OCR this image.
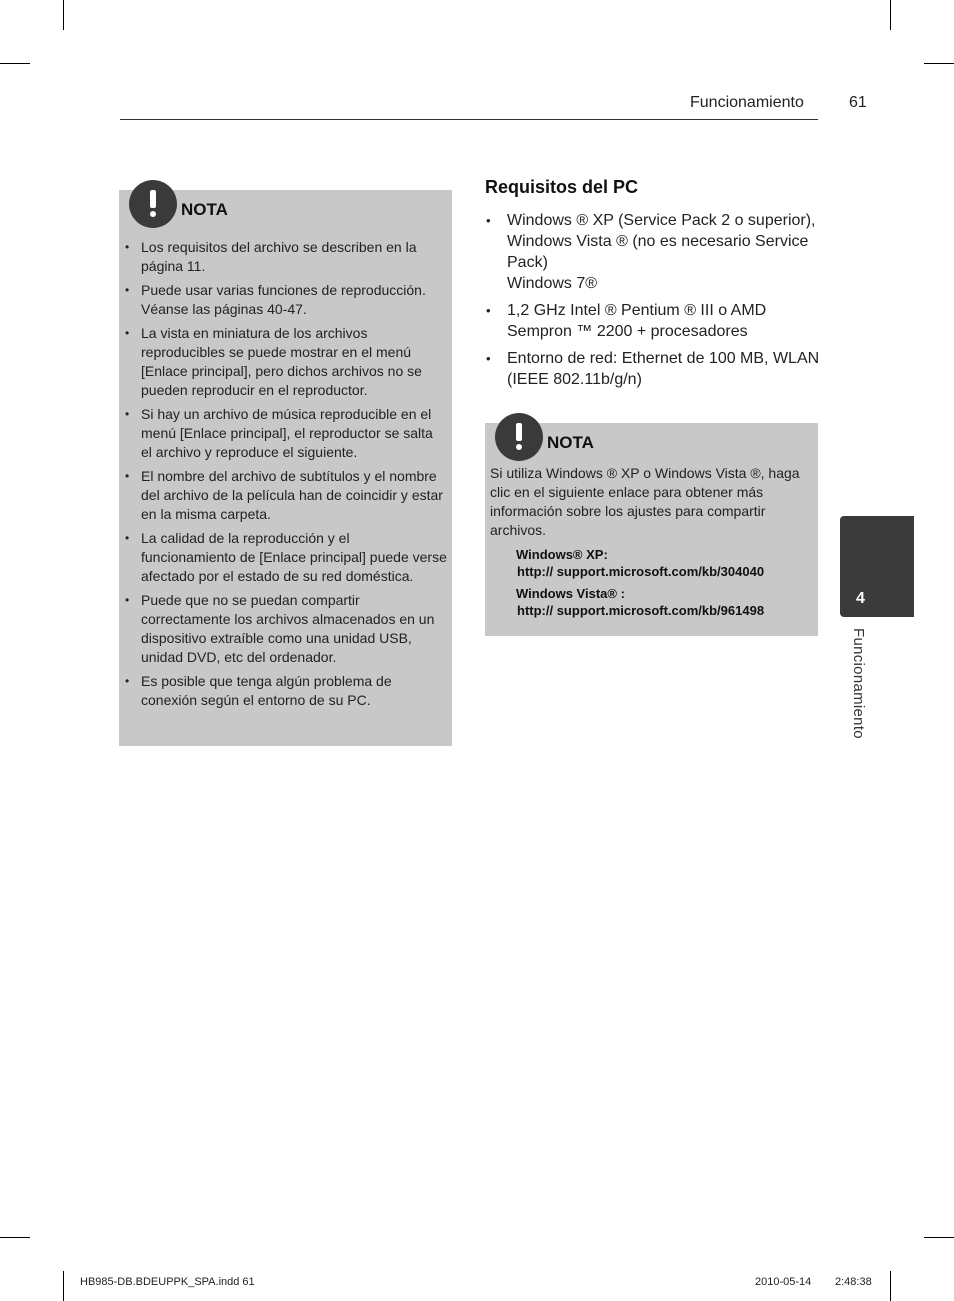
Funcionamiento	61
NOTA
• Los requisitos del archivo se describen en la página 11.
• Puede usar varias funciones de reproducción. Véanse las páginas 40-47.
• La vista en miniatura de los archivos reproducibles se puede mostrar en el menú [Enlace principal], pero dichos archivos no se pueden reproducir en el reproductor.
• Si hay un archivo de música reproducible en el menú [Enlace principal], el reproductor se salta el archivo y reproduce el siguiente.
• El nombre del archivo de subtítulos y el nombre del archivo de la película han de coincidir y estar en la misma carpeta.
• La calidad de la reproducción y el funcionamiento de [Enlace principal] puede verse afectado por el estado de su red doméstica.
• Puede que no se puedan compartir correctamente los archivos almacenados en un dispositivo extraíble como una unidad USB, unidad DVD, etc del ordenador.
• Es posible que tenga algún problema de conexión según el entorno de su PC.
Requisitos del PC
• Windows ® XP (Service Pack 2 o superior), Windows Vista ® (no es necesario Service Pack)
Windows 7®
• 1,2 GHz Intel ® Pentium ® III o AMD Sempron ™ 2200 + procesadores
• Entorno de red: Ethernet de 100 MB, WLAN (IEEE 802.11b/g/n)
NOTA

Si utiliza Windows ® XP o Windows Vista ®, haga clic en el siguiente enlace para obtener más información sobre los ajustes para compartir archivos.

Windows® XP:
http:// support.microsoft.com/kb/304040
Windows Vista® :
http:// support.microsoft.com/kb/961498
4
Funcionamiento
HB985-DB.BDEUPPK_SPA.indd 61	2010-05-14 2:48:38
